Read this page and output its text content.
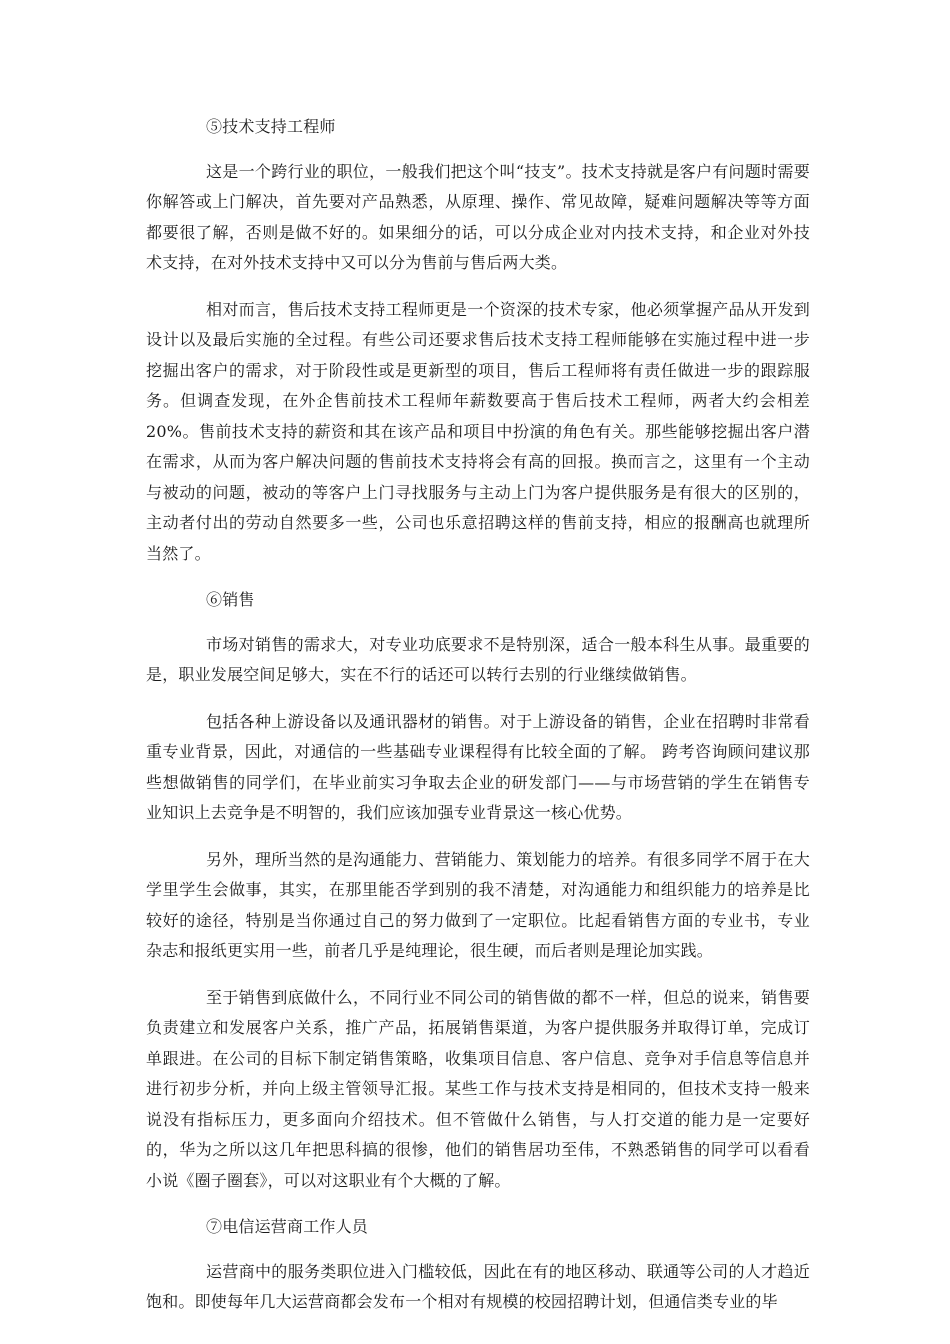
⑤技术支持工程师

这是一个跨行业的职位，一般我们把这个叫“技支”。技术支持就是客户有问题时需要你解答或上门解决，首先要对产品熟悉，从原理、操作、常见故障，疑难问题解决等等方面都要很了解，否则是做不好的。如果细分的话，可以分成企业对内技术支持，和企业对外技术支持，在对外技术支持中又可以分为售前与售后两大类。

相对而言，售后技术支持工程师更是一个资深的技术专家，他必须掌握产品从开发到设计以及最后实施的全过程。有些公司还要求售后技术支持工程师能够在实施过程中进一步挖掘出客户的需求，对于阶段性或是更新型的项目，售后工程师将有责任做进一步的跟踪服务。但调查发现，在外企售前技术工程师年薪数要高于售后技术工程师，两者大约会相差 20%。售前技术支持的薪资和其在该产品和项目中扮演的角色有关。那些能够挖掘出客户潜在需求，从而为客户解决问题的售前技术支持将会有高的回报。换而言之，这里有一个主动与被动的问题，被动的等客户上门寻找服务与主动上门为客户提供服务是有很大的区别的，主动者付出的劳动自然要多一些，公司也乐意招聘这样的售前支持，相应的报酬高也就理所当然了。

⑥销售

市场对销售的需求大，对专业功底要求不是特别深，适合一般本科生从事。最重要的是，职业发展空间足够大，实在不行的话还可以转行去别的行业继续做销售。

包括各种上游设备以及通讯器材的销售。对于上游设备的销售，企业在招聘时非常看重专业背景，因此，对通信的一些基础专业课程得有比较全面的了解。 跨考咨询顾问建议那些想做销售的同学们，在毕业前实习争取去企业的研发部门——与市场营销的学生在销售专业知识上去竞争是不明智的，我们应该加强专业背景这一核心优势。

另外，理所当然的是沟通能力、营销能力、策划能力的培养。有很多同学不屑于在大学里学生会做事，其实，在那里能否学到别的我不清楚，对沟通能力和组织能力的培养是比较好的途径，特别是当你通过自己的努力做到了一定职位。比起看销售方面的专业书，专业杂志和报纸更实用一些，前者几乎是纯理论，很生硬，而后者则是理论加实践。

至于销售到底做什么，不同行业不同公司的销售做的都不一样，但总的说来，销售要负责建立和发展客户关系，推广产品，拓展销售渠道，为客户提供服务并取得订单，完成订单跟进。在公司的目标下制定销售策略，收集项目信息、客户信息、竞争对手信息等信息并进行初步分析，并向上级主管领导汇报。某些工作与技术支持是相同的，但技术支持一般来说没有指标压力，更多面向介绍技术。但不管做什么销售，与人打交道的能力是一定要好的，华为之所以这几年把思科搞的很惨，他们的销售居功至伟，不熟悉销售的同学可以看看小说《圈子圈套》，可以对这职业有个大概的了解。

⑦电信运营商工作人员

运营商中的服务类职位进入门槛较低，因此在有的地区移动、联通等公司的人才趋近饱和。即使每年几大运营商都会发布一个相对有规模的校园招聘计划，但通信类专业的毕
